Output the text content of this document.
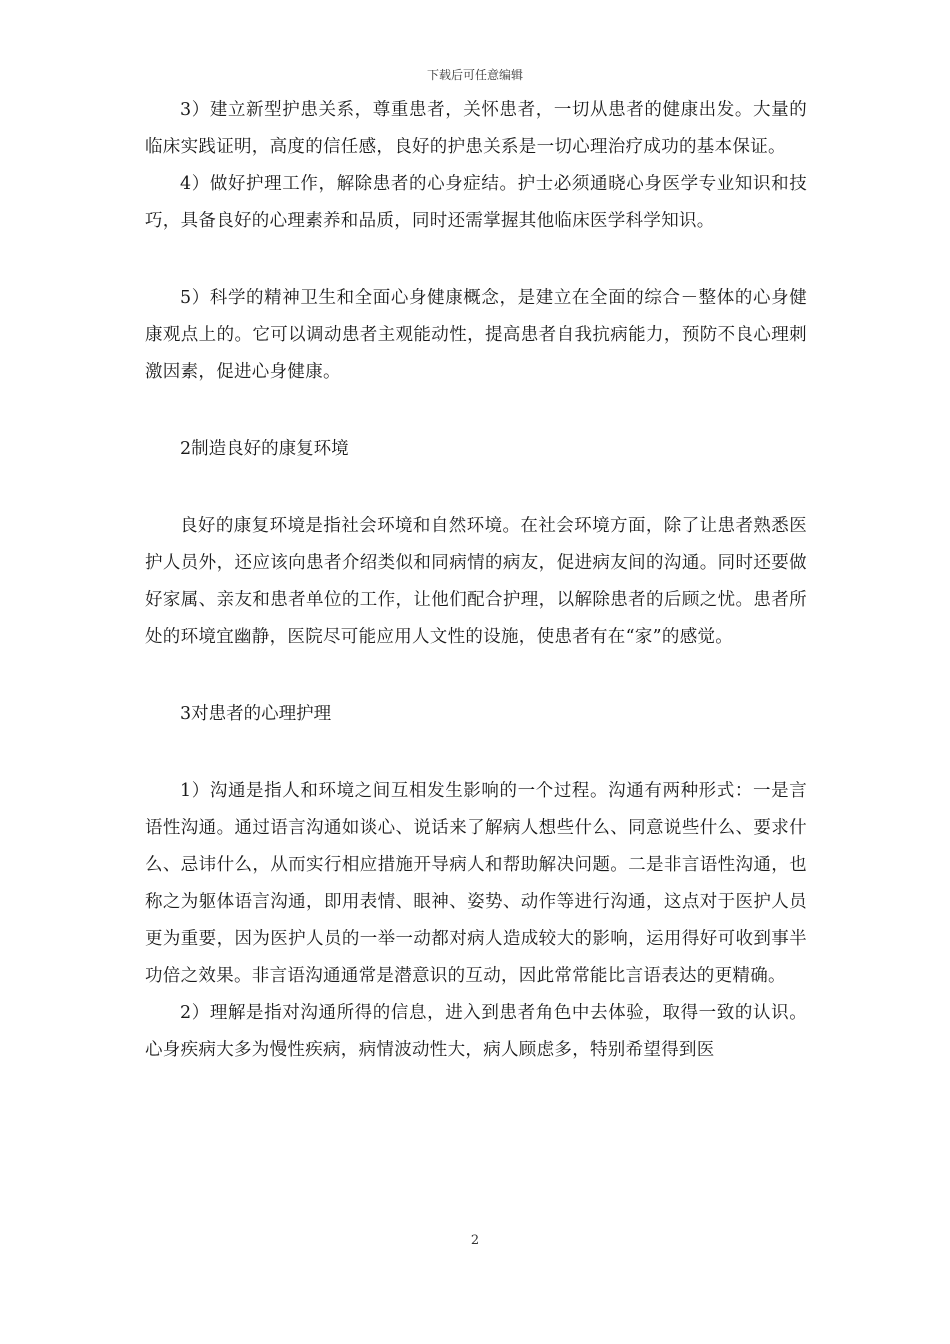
下载后可任意编辑

3）建立新型护患关系，尊重患者，关怀患者，一切从患者的健康出发。大量的临床实践证明，高度的信任感，良好的护患关系是一切心理治疗成功的基本保证。

4）做好护理工作，解除患者的心身症结。护士必须通晓心身医学专业知识和技巧，具备良好的心理素养和品质，同时还需掌握其他临床医学科学知识。

5）科学的精神卫生和全面心身健康概念，是建立在全面的综合－整体的心身健康观点上的。它可以调动患者主观能动性，提高患者自我抗病能力，预防不良心理刺激因素，促进心身健康。

2制造良好的康复环境

良好的康复环境是指社会环境和自然环境。在社会环境方面，除了让患者熟悉医护人员外，还应该向患者介绍类似和同病情的病友，促进病友间的沟通。同时还要做好家属、亲友和患者单位的工作，让他们配合护理，以解除患者的后顾之忧。患者所处的环境宜幽静，医院尽可能应用人文性的设施，使患者有在“家”的感觉。

3对患者的心理护理

1）沟通是指人和环境之间互相发生影响的一个过程。沟通有两种形式：一是言语性沟通。通过语言沟通如谈心、说话来了解病人想些什么、同意说些什么、要求什么、忌讳什么，从而实行相应措施开导病人和帮助解决问题。二是非言语性沟通，也称之为躯体语言沟通，即用表情、眼神、姿势、动作等进行沟通，这点对于医护人员更为重要，因为医护人员的一举一动都对病人造成较大的影响，运用得好可收到事半功倍之效果。非言语沟通通常是潜意识的互动，因此常常能比言语表达的更精确。

2）理解是指对沟通所得的信息，进入到患者角色中去体验，取得一致的认识。心身疾病大多为慢性疾病，病情波动性大，病人顾虑多，特别希望得到医

2
